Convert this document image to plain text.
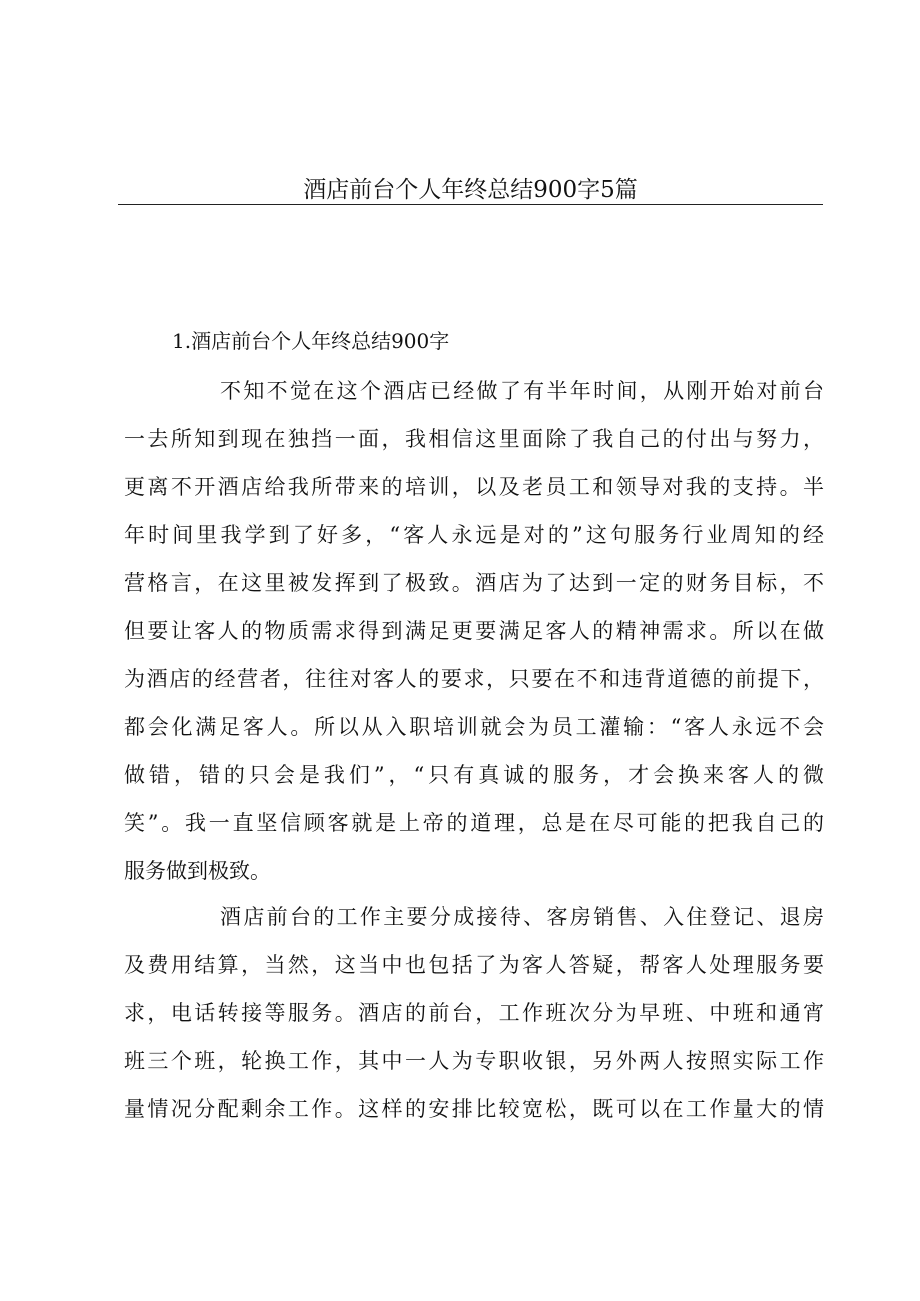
酒店前台个人年终总结900字5篇
1.酒店前台个人年终总结900字
不知不觉在这个酒店已经做了有半年时间，从刚开始对前台
一去所知到现在独挡一面，我相信这里面除了我自己的付出与努力，
更离不开酒店给我所带来的培训，以及老员工和领导对我的支持。半
年时间里我学到了好多，“客人永远是对的”这句服务行业周知的经
营格言，在这里被发挥到了极致。酒店为了达到一定的财务目标，不
但要让客人的物质需求得到满足更要满足客人的精神需求。所以在做
为酒店的经营者，往往对客人的要求，只要在不和违背道德的前提下，
都会化满足客人。所以从入职培训就会为员工灌输：“客人永远不会
做错，错的只会是我们”，“只有真诚的服务，才会换来客人的微
笑”。我一直坚信顾客就是上帝的道理，总是在尽可能的把我自己的
服务做到极致。
酒店前台的工作主要分成接待、客房销售、入住登记、退房
及费用结算，当然，这当中也包括了为客人答疑，帮客人处理服务要
求，电话转接等服务。酒店的前台，工作班次分为早班、中班和通宵
班三个班，轮换工作，其中一人为专职收银，另外两人按照实际工作
量情况分配剩余工作。这样的安排比较宽松，既可以在工作量大的情
